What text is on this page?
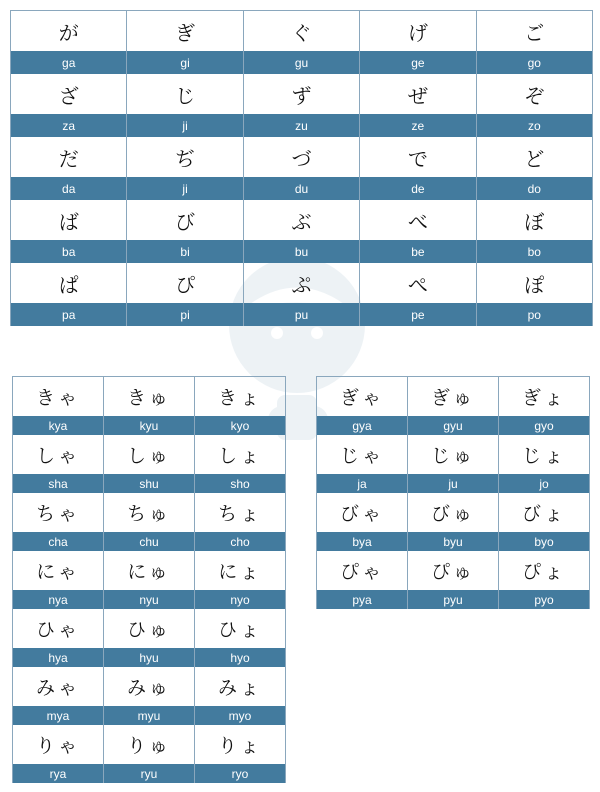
が
ga
ぎ
gi
ぐ
gu
げ
ge
ご
go
ざ
za
じ
ji
ず
zu
ぜ
ze
ぞ
zo
だ
da
ぢ
ji
づ
du
で
de
ど
do
ば
ba
び
bi
ぶ
bu
べ
be
ぼ
bo
ぱ
pa
ぴ
pi
ぷ
pu
ぺ
pe
ぽ
po
きゃ
kya
きゅ
kyu
きょ
kyo
しゃ
sha
しゅ
shu
しょ
sho
ちゃ
cha
ちゅ
chu
ちょ
cho
にゃ
nya
にゅ
nyu
にょ
nyo
ひゃ
hya
ひゅ
hyu
ひょ
hyo
みゃ
mya
みゅ
myu
みょ
myo
りゃ
rya
りゅ
ryu
りょ
ryo
ぎゃ
gya
ぎゅ
gyu
ぎょ
gyo
じゃ
ja
じゅ
ju
じょ
jo
びゃ
bya
びゅ
byu
びょ
byo
ぴゃ
pya
ぴゅ
pyu
ぴょ
pyo
